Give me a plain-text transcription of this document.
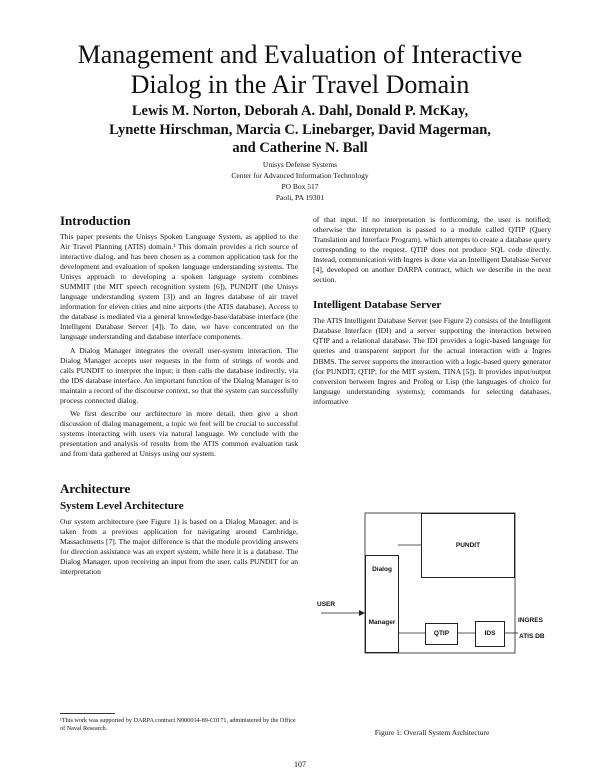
Management and Evaluation of Interactive
Dialog in the Air Travel Domain
Lewis M. Norton, Deborah A. Dahl, Donald P. McKay,
Lynette Hirschman, Marcia C. Linebarger, David Magerman,
and Catherine N. Ball
Unisys Defense Systems
Center for Advanced Information Technology
PO Box 517
Paoli, PA 19301
Introduction

This paper presents the Unisys Spoken Language System, as applied to the Air Travel Planning (ATIS) domain.¹ This domain provides a rich source of interactive dialog, and has been chosen as a common application task for the development and evaluation of spoken language understanding systems. The Unisys approach to developing a spoken language system combines SUMMIT (the MIT speech recognition system [6]), PUNDIT (the Unisys language understanding system [3]) and an Ingres database of air travel information for eleven cities and nine airports (the ATIS database). Access to the database is mediated via a general knowledge-base/database interface (the Intelligent Database Server [4]). To date, we have concentrated on the language understanding and database interface components.

A Dialog Manager integrates the overall user-system interaction. The Dialog Manager accepts user requests in the form of strings of words and calls PUNDIT to interpret the input; it then calls the database indirectly, via the IDS database interface. An important function of the Dialog Manager is to maintain a record of the discourse context, so that the system can successfully process connected dialog.

We first describe our architecture in more detail, then give a short discussion of dialog management, a topic we feel will be crucial to successful systems interacting with users via natural language. We conclude with the presentation and analysis of results from the ATIS common evaluation task and from data gathered at Unisys using our system.

Architecture
System Level Architecture

Our system architecture (see Figure 1) is based on a Dialog Manager, and is taken from a previous application for navigating around Cambridge, Massachusetts [7]. The major difference is that the module providing answers for direction assistance was an expert system, while here it is a database. The Dialog Manager, upon receiving an input from the user, calls PUNDIT for an interpretation

of that input. If no interpretation is forthcoming, the user is notified; otherwise the interpretation is passed to a module called QTIP (Query Translation and Interface Program), which attempts to create a database query corresponding to the request. QTIP does not produce SQL code directly. Instead, communication with Ingres is done via an Intelligent Database Server [4], developed on another DARPA contract, which we describe in the next section.

Intelligent Database Server

The ATIS Intelligent Database Server (see Figure 2) consists of the Intelligent Database Interface (IDI) and a server supporting the interaction between QTIP and a relational database. The IDI provides a logic-based language for queries and transparent support for the actual interaction with a Ingres DBMS. The server supports the interaction with a logic-based query generator (for PUNDIT, QTIP; for the MIT system, TINA [5]). It provides input/output conversion between Ingres and Prolog or Lisp (the languages of choice for language understanding systems); commands for selecting databases, informative

USER
Dialog
Manager
PUNDIT
QTIP	IDS
INGRES
ATIS DB
¹This work was supported by DARPA contract N000014-89-C0171, administered by the Office of Naval Research.	Figure 1: Overall System Architecture
107
